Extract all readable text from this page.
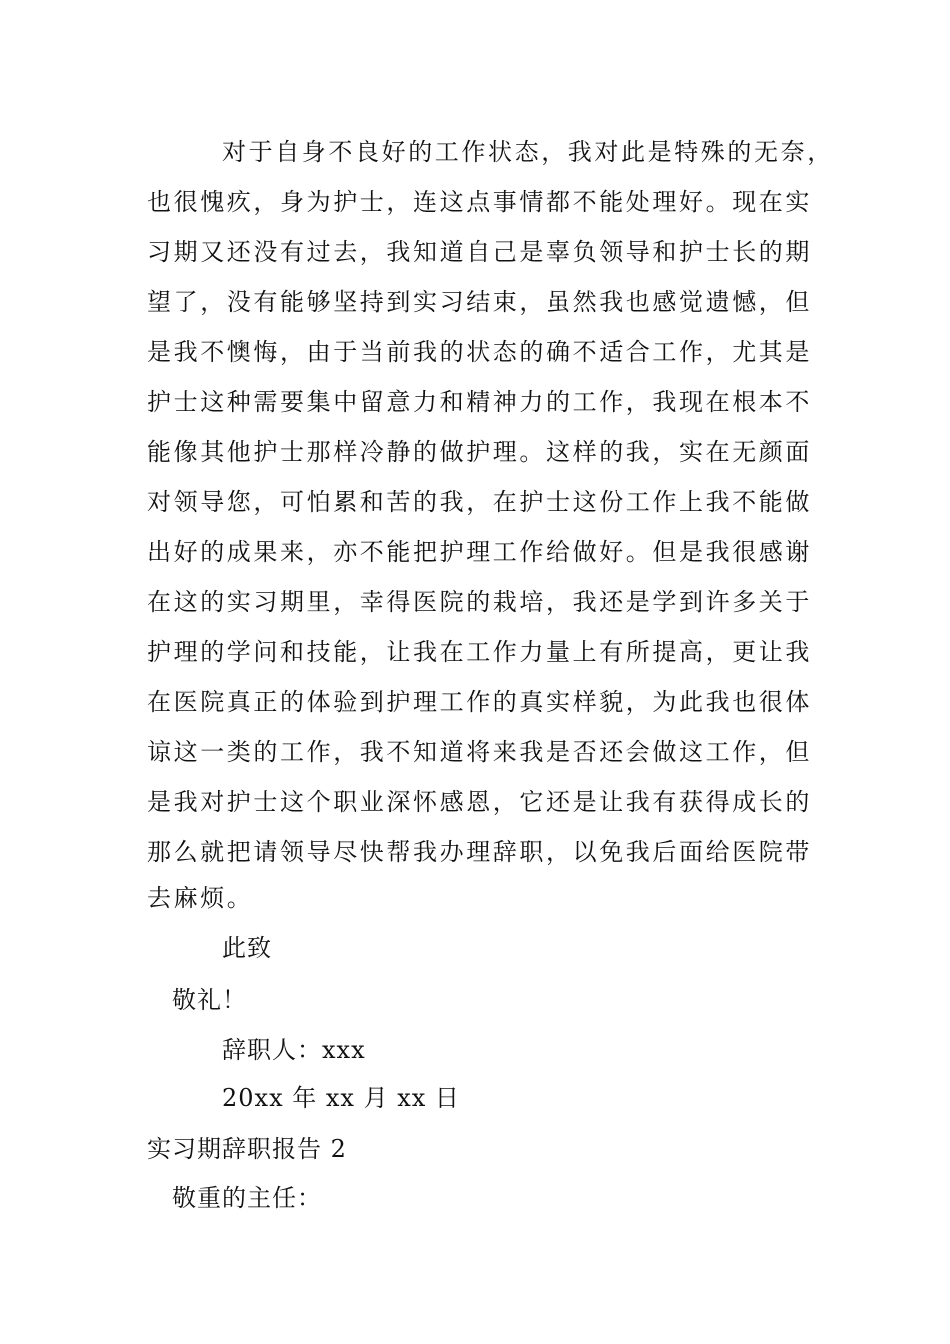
对于自身不良好的工作状态，我对此是特殊的无奈，
也很愧疚，身为护士，连这点事情都不能处理好。现在实
习期又还没有过去，我知道自己是辜负领导和护士长的期
望了，没有能够坚持到实习结束，虽然我也感觉遗憾，但
是我不懊悔，由于当前我的状态的确不适合工作，尤其是
护士这种需要集中留意力和精神力的工作，我现在根本不
能像其他护士那样冷静的做护理。这样的我，实在无颜面
对领导您，可怕累和苦的我，在护士这份工作上我不能做
出好的成果来，亦不能把护理工作给做好。但是我很感谢
在这的实习期里，幸得医院的栽培，我还是学到许多关于
护理的学问和技能，让我在工作力量上有所提高，更让我
在医院真正的体验到护理工作的真实样貌，为此我也很体
谅这一类的工作，我不知道将来我是否还会做这工作，但
是我对护士这个职业深怀感恩，它还是让我有获得成长的
那么就把请领导尽快帮我办理辞职，以免我后面给医院带
去麻烦。
此致
敬礼！
辞职人：xxx
20xx 年 xx 月 xx 日
实习期辞职报告 2
敬重的主任：
